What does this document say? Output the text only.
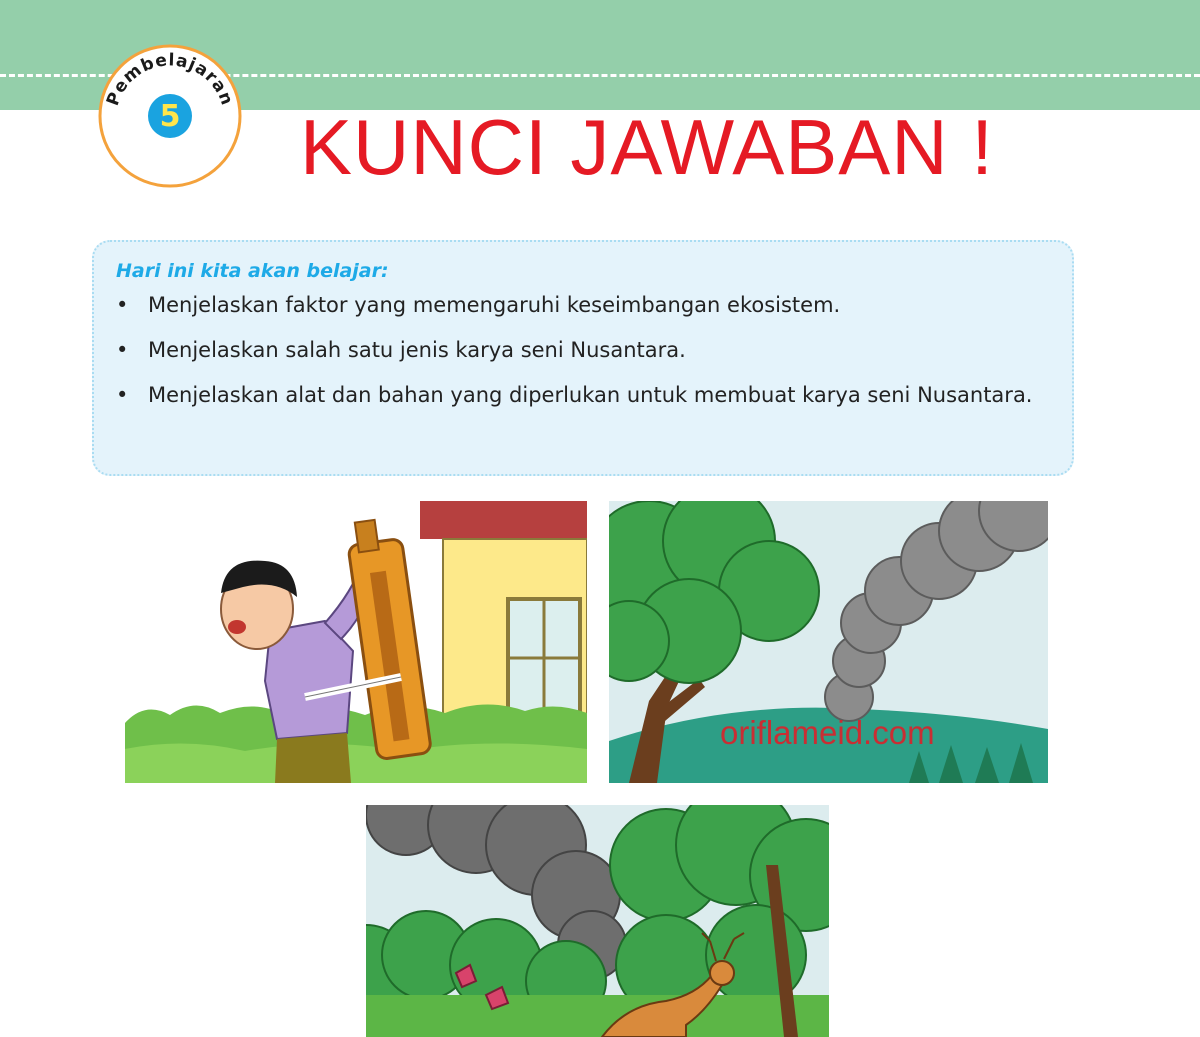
Pembelajaran
5 KUNCI JAWABAN !

Hari ini kita akan belajar:

• Menjelaskan faktor yang memengaruhi keseimbangan ekosistem.
• Menjelaskan salah satu jenis karya seni Nusantara.
• Menjelaskan alat dan bahan yang diperlukan untuk membuat karya seni Nusantara.
oriflameid.com
